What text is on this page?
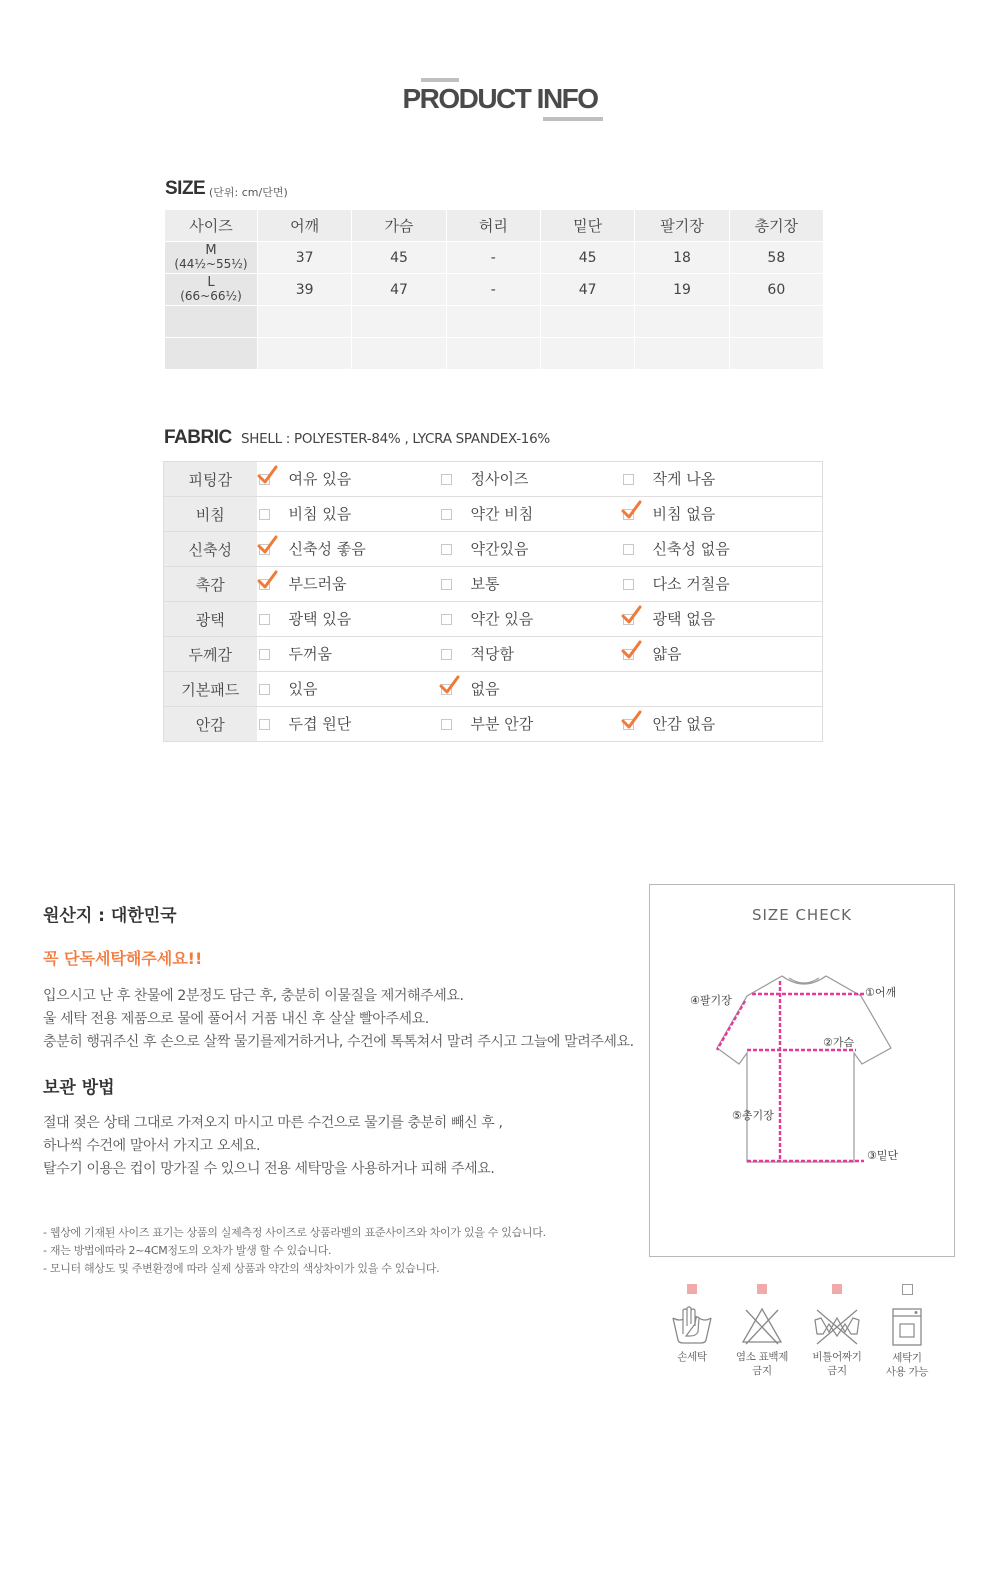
PRODUCT INFO
SIZE (단위: cm/단면)
사이즈	어깨	가슴	허리	밑단	팔기장	총기장

M
(44½~55½)	37	45	-	45	18	58

L
(66~66½)	39	47	-	47	19	60

FABRIC SHELL : POLYESTER-84% , LYCRA SPANDEX-16%
피팅감	여유 있음	정사이즈	작게 나옴

비침	비침 있음	약간 비침	비침 없음

신축성	신축성 좋음	약간있음	신축성 없음

촉감	부드러움	보통	다소 거칠음

광택	광택 있음	약간 있음	광택 없음

두께감	두꺼움	적당함	얇음

기본패드	있음	없음	

안감	두겹 원단	부분 안감	안감 없음
원산지 : 대한민국
꼭 단독세탁해주세요!!
입으시고 난 후 찬물에 2분정도 담근 후, 충분히 이물질을 제거해주세요.
울 세탁 전용 제품으로 물에 풀어서 거품 내신 후 살살 빨아주세요.
충분히 행궈주신 후 손으로 살짝 물기를제거하거나, 수건에 톡톡쳐서 말려 주시고 그늘에 말려주세요.
보관 방법
절대 젖은 상태 그대로 가져오지 마시고 마른 수건으로 물기를 충분히 빼신 후 ,
하나씩 수건에 말아서 가지고 오세요.
탈수기 이용은 컵이 망가질 수 있으니 전용 세탁망을 사용하거나 피해 주세요.
- 웹상에 기재된 사이즈 표기는 상품의 실제측정 사이즈로 상품라벨의 표준사이즈와 차이가 있을 수 있습니다.
- 재는 방법에따라 2~4CM정도의 오차가 발생 할 수 있습니다.
- 모니터 해상도 및 주변환경에 따라 실제 상품과 약간의 색상차이가 있을 수 있습니다.
SIZE CHECK
①어깨
②가슴
③밑단
④팔기장
⑤총기장
손세탁	염소 표백제
금지
비틀어짜기
금지
세탁기
사용 가능
